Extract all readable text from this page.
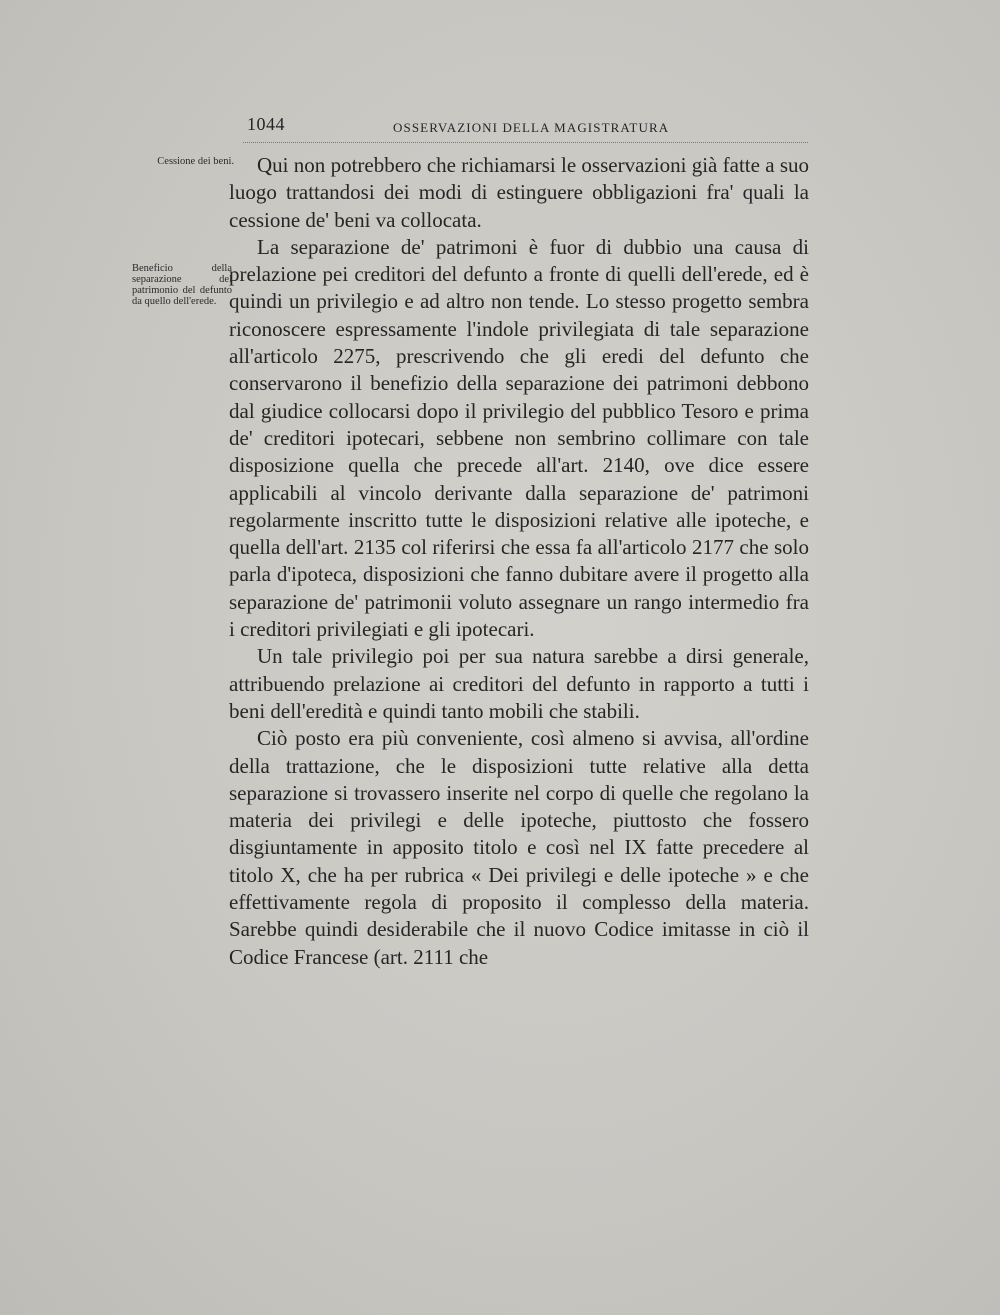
1044	OSSERVAZIONI DELLA MAGISTRATURA
Cessione dei beni.
Beneficio della separazione del patrimonio del defunto da quello dell'erede.

Qui non potrebbero che richiamarsi le osservazioni già fatte a suo luogo trattandosi dei modi di estinguere obbligazioni fra' quali la cessione de' beni va collocata.

La separazione de' patrimoni è fuor di dubbio una causa di prelazione pei creditori del defunto a fronte di quelli dell'erede, ed è quindi un privilegio e ad altro non tende. Lo stesso progetto sembra riconoscere espressamente l'indole privilegiata di tale separazione all'articolo 2275, prescrivendo che gli eredi del defunto che conservarono il benefizio della separazione dei patrimoni debbono dal giudice collocarsi dopo il privilegio del pubblico Tesoro e prima de' creditori ipotecari, sebbene non sembrino collimare con tale disposizione quella che precede all'art. 2140, ove dice essere applicabili al vincolo derivante dalla separazione de' patrimoni regolarmente inscritto tutte le disposizioni relative alle ipoteche, e quella dell'art. 2135 col riferirsi che essa fa all'articolo 2177 che solo parla d'ipoteca, disposizioni che fanno dubitare avere il progetto alla separazione de' patrimonii voluto assegnare un rango intermedio fra i creditori privilegiati e gli ipotecari.

Un tale privilegio poi per sua natura sarebbe a dirsi generale, attribuendo prelazione ai creditori del defunto in rapporto a tutti i beni dell'eredità e quindi tanto mobili che stabili.

Ciò posto era più conveniente, così almeno si avvisa, all'ordine della trattazione, che le disposizioni tutte relative alla detta separazione si trovassero inserite nel corpo di quelle che regolano la materia dei privilegi e delle ipoteche, piuttosto che fossero disgiuntamente in apposito titolo e così nel IX fatte precedere al titolo X, che ha per rubrica « Dei privilegi e delle ipoteche » e che effettivamente regola di proposito il complesso della materia. Sarebbe quindi desiderabile che il nuovo Codice imitasse in ciò il Codice Francese (art. 2111 che
